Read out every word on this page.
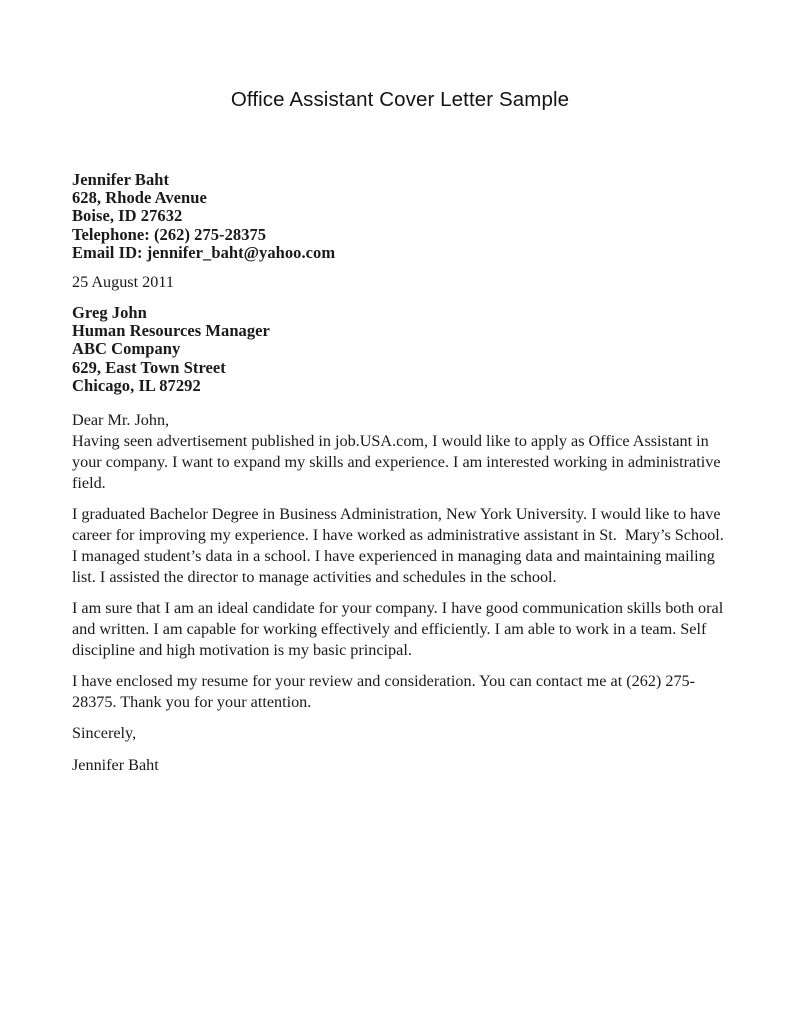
Office Assistant Cover Letter Sample
Jennifer Baht
628, Rhode Avenue
Boise, ID 27632
Telephone: (262) 275-28375
Email ID: jennifer_baht@yahoo.com
25 August 2011
Greg John
Human Resources Manager
ABC Company
629, East Town Street
Chicago, IL 87292
Dear Mr. John,
Having seen advertisement published in job.USA.com, I would like to apply as Office Assistant in your company. I want to expand my skills and experience. I am interested working in administrative field.
I graduated Bachelor Degree in Business Administration, New York University. I would like to have career for improving my experience. I have worked as administrative assistant in St.  Mary’s School. I managed student’s data in a school. I have experienced in managing data and maintaining mailing list. I assisted the director to manage activities and schedules in the school.
I am sure that I am an ideal candidate for your company. I have good communication skills both oral and written. I am capable for working effectively and efficiently. I am able to work in a team. Self discipline and high motivation is my basic principal.
I have enclosed my resume for your review and consideration. You can contact me at (262) 275-28375. Thank you for your attention.
Sincerely,
Jennifer Baht
